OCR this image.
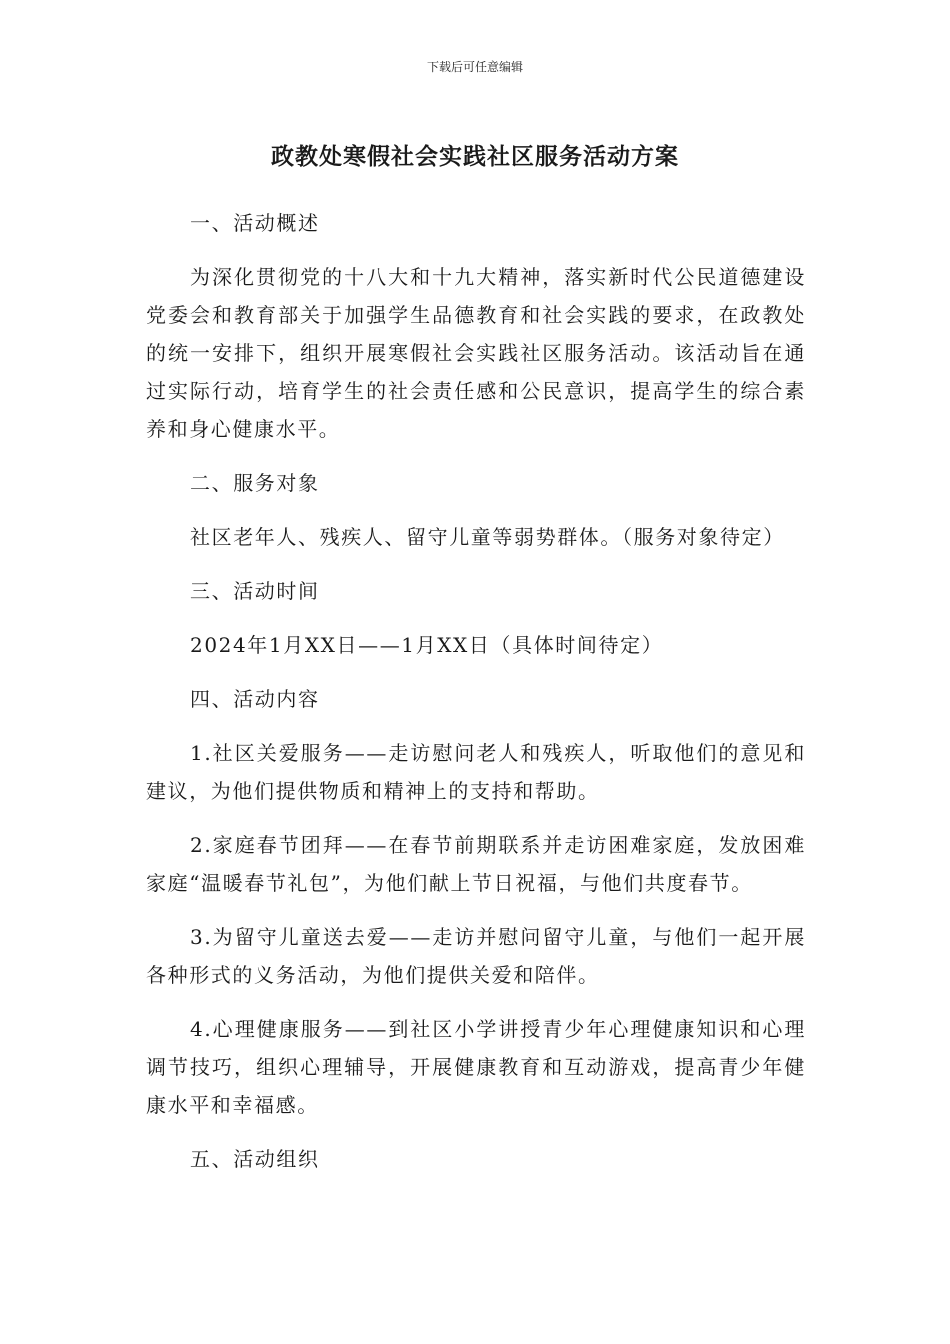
下载后可任意编辑
政教处寒假社会实践社区服务活动方案

一、活动概述

为深化贯彻党的十八大和十九大精神，落实新时代公民道德建设党委会和教育部关于加强学生品德教育和社会实践的要求，在政教处的统一安排下，组织开展寒假社会实践社区服务活动。该活动旨在通过实际行动，培育学生的社会责任感和公民意识，提高学生的综合素养和身心健康水平。

二、服务对象

社区老年人、残疾人、留守儿童等弱势群体。（服务对象待定）

三、活动时间

2024年1月XX日——1月XX日（具体时间待定）

四、活动内容

1.社区关爱服务——走访慰问老人和残疾人，听取他们的意见和建议，为他们提供物质和精神上的支持和帮助。

2.家庭春节团拜——在春节前期联系并走访困难家庭，发放困难家庭“温暖春节礼包”，为他们献上节日祝福，与他们共度春节。

3.为留守儿童送去爱——走访并慰问留守儿童，与他们一起开展各种形式的义务活动，为他们提供关爱和陪伴。

4.心理健康服务——到社区小学讲授青少年心理健康知识和心理调节技巧，组织心理辅导，开展健康教育和互动游戏，提高青少年健康水平和幸福感。

五、活动组织
